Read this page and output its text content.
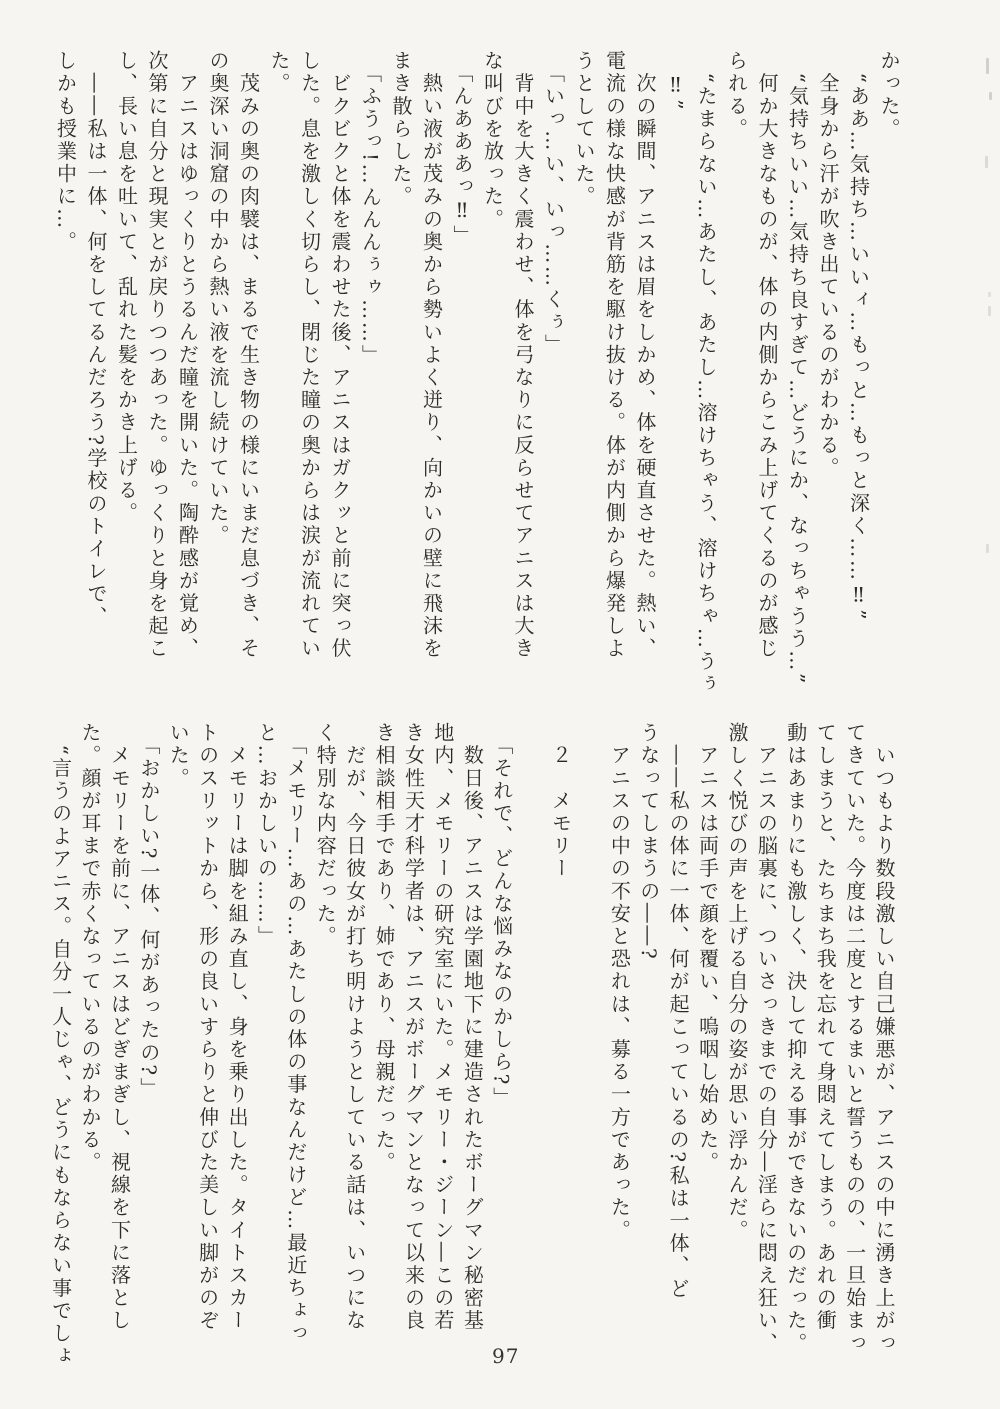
かった。
　“ああ…気持ち…いいィ…もっと…もっと深く……‼”
　全身から汗が吹き出ているのがわかる。
　“気持ちいい…気持ち良すぎて…どうにか、なっちゃうう…”
　何か大きなものが、体の内側からこみ上げてくるのが感じ
られる。
　“たまらない…あたし、あたし…溶けちゃう、溶けちゃ…うぅ
　‼”
　次の瞬間、アニスは眉をしかめ、体を硬直させた。熱い、
電流の様な快感が背筋を駆け抜ける。体が内側から爆発しよ
うとしていた。
　「いっ…い、いっ……くぅ」
　背中を大きく震わせ、体を弓なりに反らせてアニスは大き
な叫びを放った。
　「んあああっ‼」
　熱い液が茂みの奥から勢いよく迸り、向かいの壁に飛沫を
まき散らした。
　「ふうっ!…んんんぅゥ……」
　ビクビクと体を震わせた後、アニスはガクッと前に突っ伏
した。息を激しく切らし、閉じた瞳の奥からは涙が流れてい
た。
　茂みの奥の肉襞は、まるで生き物の様にいまだ息づき、そ
の奥深い洞窟の中から熱い液を流し続けていた。
　アニスはゆっくりとうるんだ瞳を開いた。陶酔感が覚め、
次第に自分と現実とが戻りつつあった。ゆっくりと身を起こ
し、長い息を吐いて、乱れた髪をかき上げる。
　――私は一体、何をしてるんだろう?学校のトイレで、
しかも授業中に…。
　いつもより数段激しい自己嫌悪が、アニスの中に湧き上がっ
てきていた。今度は二度とするまいと誓うものの、一旦始まっ
てしまうと、たちまち我を忘れて身悶えてしまう。あれの衝
動はあまりにも激しく、決して抑える事ができないのだった。
　アニスの脳裏に、ついさっきまでの自分―淫らに悶え狂い、
激しく悦びの声を上げる自分の姿が思い浮かんだ。
　アニスは両手で顔を覆い、嗚咽し始めた。
　――私の体に一体、何が起こっているの?私は一体、ど
うなってしまうの――?
　アニスの中の不安と恐れは、募る一方であった。

　２　メモリー

　「それで、どんな悩みなのかしら?」
　数日後、アニスは学園地下に建造されたボーグマン秘密基
地内、メモリーの研究室にいた。メモリー・ジーン―この若
き女性天才科学者は、アニスがボーグマンとなって以来の良
き相談相手であり、姉であり、母親だった。
　だが、今日彼女が打ち明けようとしている話は、いつにな
く特別な内容だった。
　「メモリー…あの…あたしの体の事なんだけど…最近ちょっ
と…おかしいの……」
　メモリーは脚を組み直し、身を乗り出した。タイトスカー
トのスリットから、形の良いすらりと伸びた美しい脚がのぞ
いた。
　「おかしい?一体、何があったの?」
　メモリーを前に、アニスはどぎまぎし、視線を下に落とし
た。顔が耳まで赤くなっているのがわかる。
　“言うのよアニス。自分一人じゃ、どうにもならない事でしょ	97
